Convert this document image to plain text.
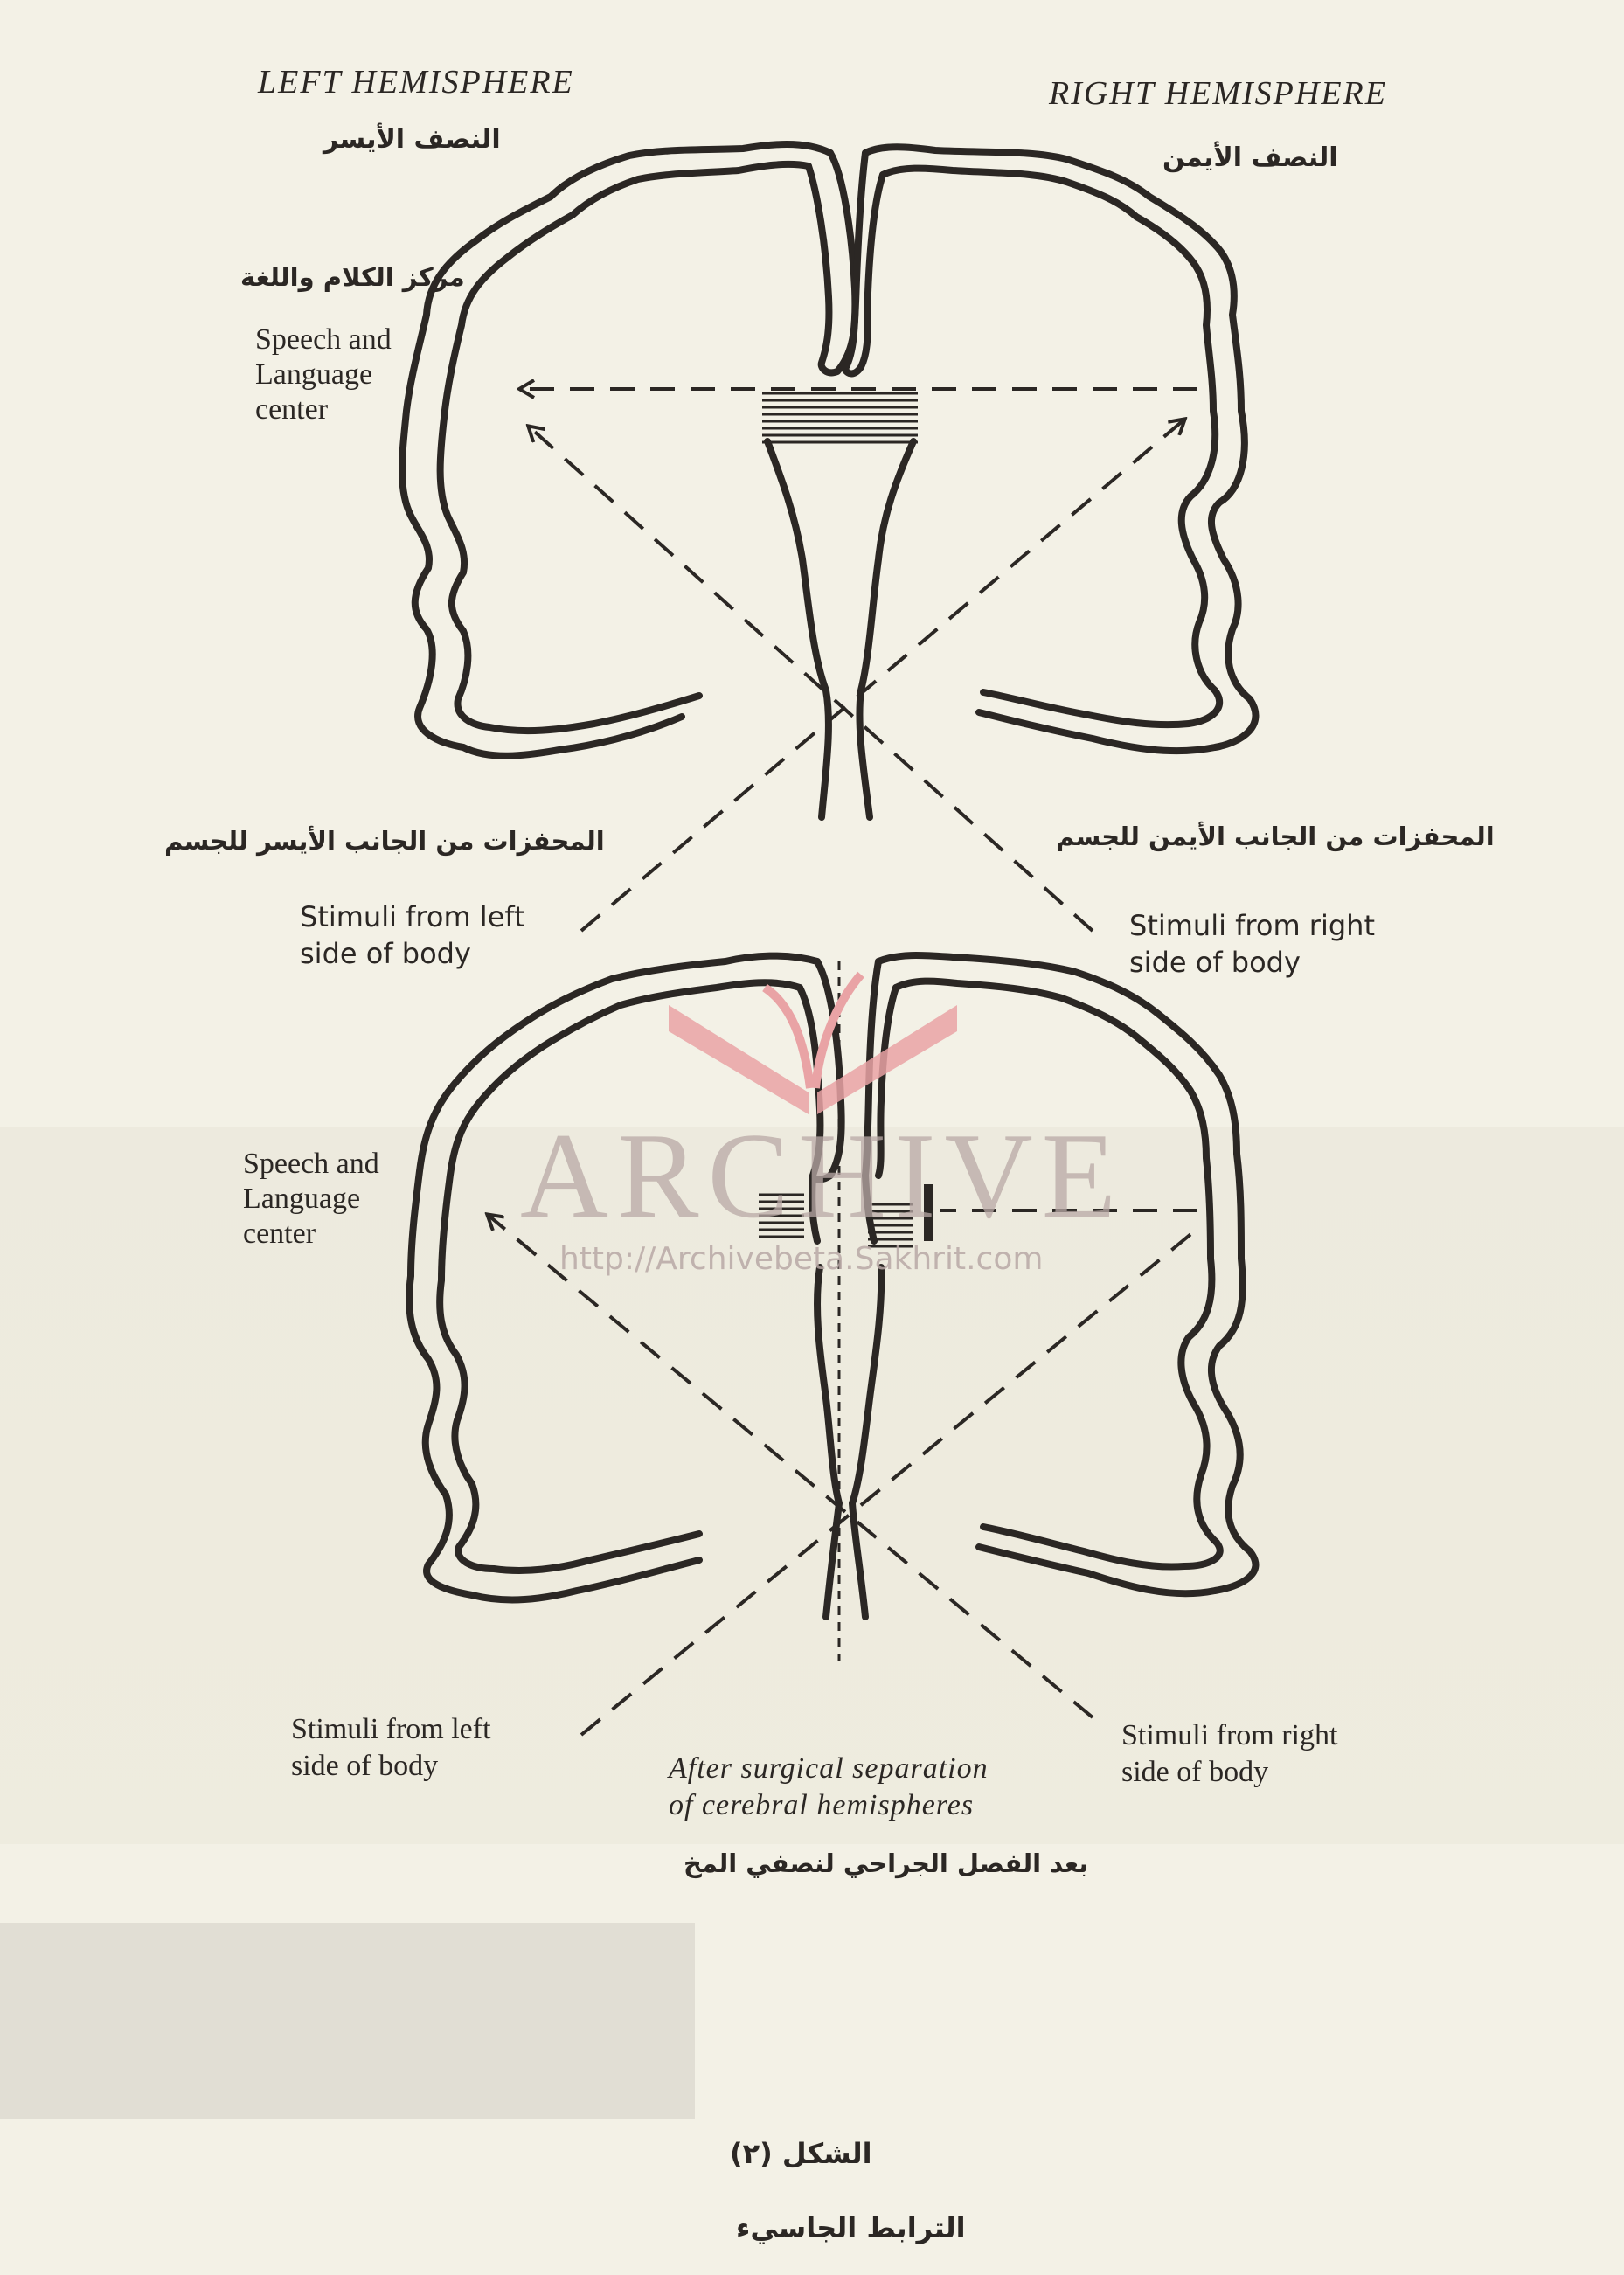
ARCHIVE
http://Archivebeta.Sakhrit.com
LEFT HEMISPHERE
النصف الأيسر
RIGHT HEMISPHERE
النصف الأيمن
مركز الكلام واللغة
Speech and
Language
center
المحفزات من الجانب الأيسر للجسم	المحفزات من الجانب الأيمن للجسم
Stimuli from left
side of body
Stimuli from right
side of body
Speech and
Language
center
Stimuli from left
side of body
Stimuli from right
side of body
After surgical separation
of cerebral hemispheres
بعد الفصل الجراحي لنصفي المخ
الشكل (٢)
الترابط الجاسيء
